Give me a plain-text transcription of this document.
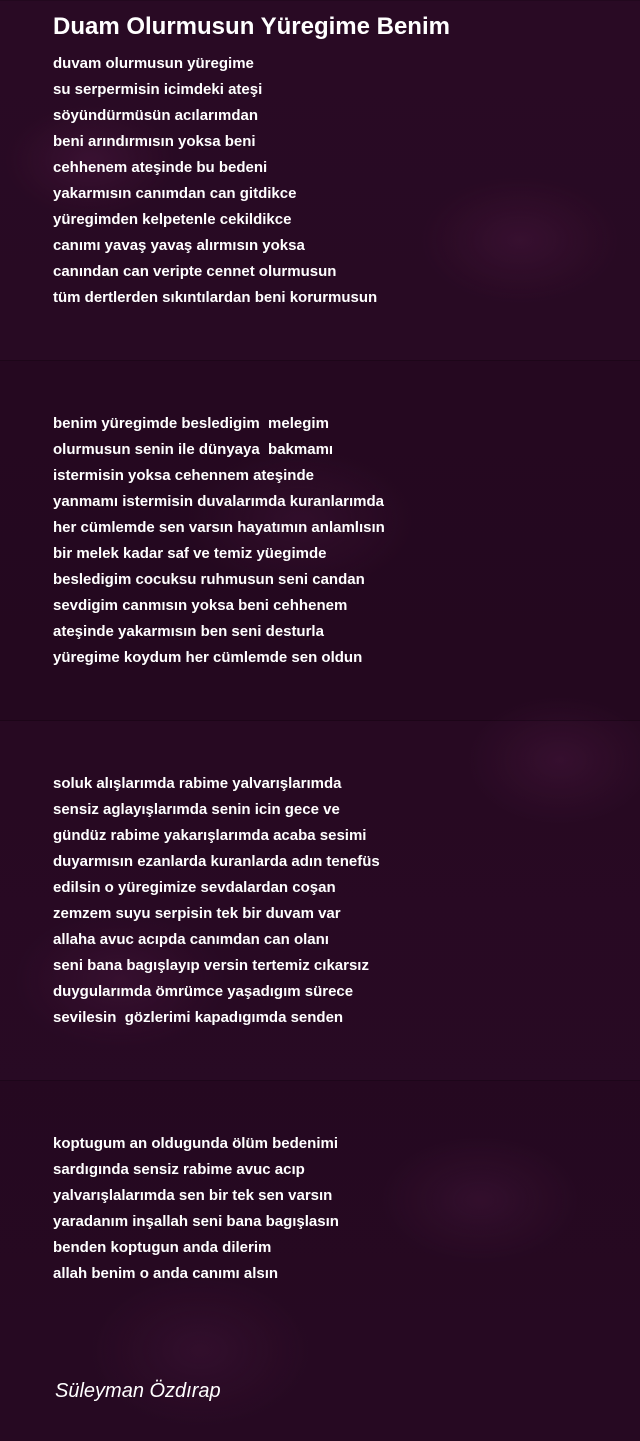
Duam Olurmusun Yüregime Benim
duvam olurmusun yüregime
su serpermisin icimdeki ateşi
söyündürmüsün acılarımdan
beni arındırmısın yoksa beni
cehhenem ateşinde bu bedeni
yakarmısın canımdan can gitdikce
yüregimden kelpetenle cekildikce
canımı yavaş yavaş alırmısın yoksa
canından can veripte cennet olurmusun
tüm dertlerden sıkıntılardan beni korurmusun
benim yüregimde besledigim  melegim
olurmusun senin ile dünyaya  bakmamı
istermisin yoksa cehennem ateşinde
yanmamı istermisin duvalarımda kuranlarımda
her cümlemde sen varsın hayatımın anlamlısın
bir melek kadar saf ve temiz yüegimde
besledigim cocuksu ruhmusun seni candan
sevdigim canmısın yoksa beni cehhenem
ateşinde yakarmısın ben seni desturla
yüregime koydum her cümlemde sen oldun
soluk alışlarımda rabime yalvarışlarımda
sensiz aglayışlarımda senin icin gece ve
gündüz rabime yakarışlarımda acaba sesimi
duyarmısın ezanlarda kuranlarda adın tenefüs
edilsin o yüregimize sevdalardan coşan
zemzem suyu serpisin tek bir duvam var
allaha avuc acıpda canımdan can olanı
seni bana bagışlayıp versin tertemiz cıkarsız
duygularımda ömrümce yaşadıgım sürece
sevilesin  gözlerimi kapadıgımda senden
koptugum an oldugunda ölüm bedenimi
sardıgında sensiz rabime avuc acıp
yalvarışlalarımda sen bir tek sen varsın
yaradanım inşallah seni bana bagışlasın
benden koptugun anda dilerim
allah benim o anda canımı alsın
Süleyman Özdırap
